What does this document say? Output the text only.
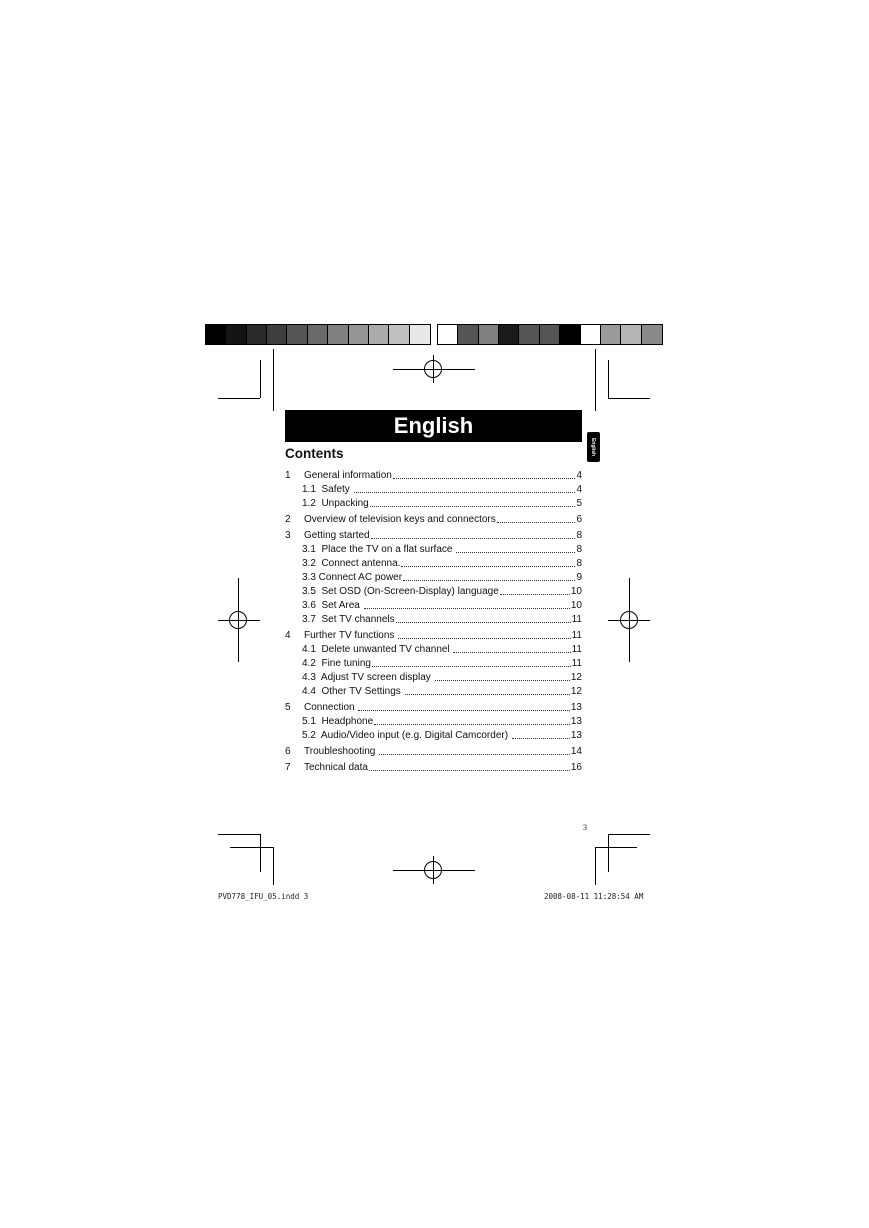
English
English
Contents
1	General information	4
1.1  Safety	4
1.2  Unpacking	5
2	Overview of television keys and connectors	6
3	Getting started	8
3.1  Place the TV on a flat surface	8
3.2  Connect antenna.	8
3.3 Connect AC power	9
3.5  Set OSD (On-Screen-Display) language	10
3.6  Set Area	10
3.7  Set TV channels	11
4	Further TV functions	11
4.1  Delete unwanted TV channel	11
4.2  Fine tuning	11
4.3  Adjust TV screen display	12
4.4  Other TV Settings	12
5	Connection	13
5.1  Headphone	13
5.2  Audio/Video input (e.g. Digital Camcorder)	13
6	Troubleshooting	14
7	Technical data	16
3
PVD778_IFU_05.indd 3	2008-08-11 11:28:54 AM
